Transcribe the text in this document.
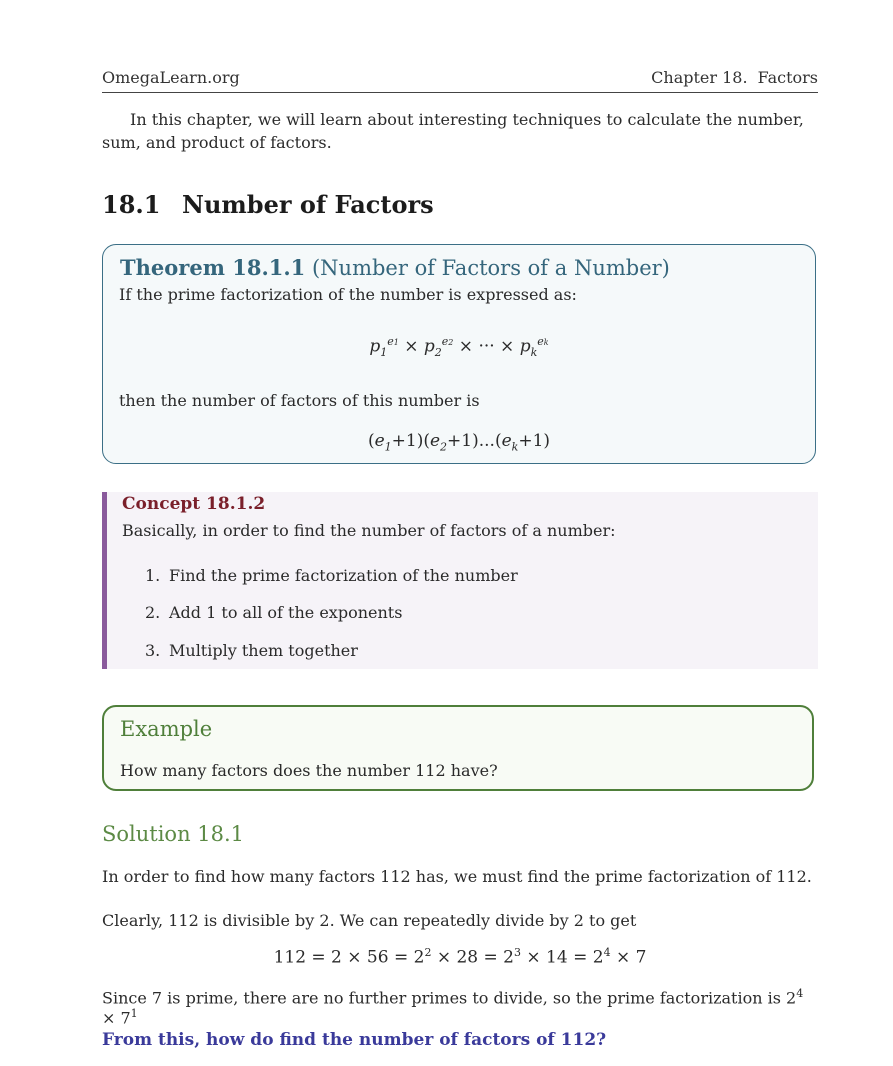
OmegaLearn.org	Chapter 18. Factors
In this chapter, we will learn about interesting techniques to calculate the number, sum, and product of factors.
18.1 Number of Factors
Theorem 18.1.1 (Number of Factors of a Number)
If the prime factorization of the number is expressed as:
$p_1^{e1} \times p_2^{e2}$ × ··· × $p_k^{ek}$
then the number of factors of this number is
$(e_1+1)(e_2+1)...(e_k+1)$
Concept 18.1.2
Basically, in order to find the number of factors of a number:
1. Find the prime factorization of the number
2. Add 1 to all of the exponents
3. Multiply them together
Example
How many factors does the number 112 have?
Solution 18.1
In order to find how many factors 112 has, we must find the prime factorization of 112.
Clearly, 112 is divisible by 2. We can repeatedly divide by 2 to get
$112 = 2 \times 56 = 2^2 \times 28 = 2^3 \times 14 = 2^4 \times 7$
Since 7 is prime, there are no further primes to divide, so the prime factorization is $2^4 \times 7^1$
From this, how do find the number of factors of 112?
